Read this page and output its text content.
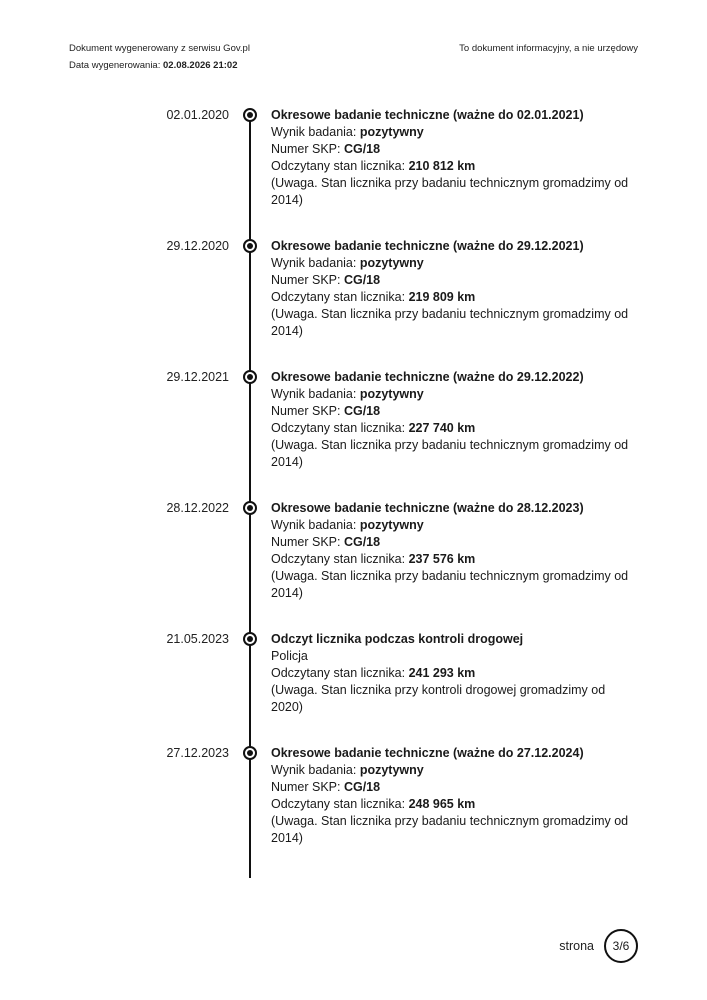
Dokument wygenerowany z serwisu Gov.pl
Data wygenerowania: 02.08.2026 21:02
To dokument informacyjny, a nie urzędowy
02.01.2020	Okresowe badanie techniczne (ważne do 02.01.2021)
Wynik badania: pozytywny
Numer SKP: CG/18
Odczytany stan licznika: 210 812 km
(Uwaga. Stan licznika przy badaniu technicznym gromadzimy od 2014)
29.12.2020	Okresowe badanie techniczne (ważne do 29.12.2021)
Wynik badania: pozytywny
Numer SKP: CG/18
Odczytany stan licznika: 219 809 km
(Uwaga. Stan licznika przy badaniu technicznym gromadzimy od 2014)
29.12.2021	Okresowe badanie techniczne (ważne do 29.12.2022)
Wynik badania: pozytywny
Numer SKP: CG/18
Odczytany stan licznika: 227 740 km
(Uwaga. Stan licznika przy badaniu technicznym gromadzimy od 2014)
28.12.2022	Okresowe badanie techniczne (ważne do 28.12.2023)
Wynik badania: pozytywny
Numer SKP: CG/18
Odczytany stan licznika: 237 576 km
(Uwaga. Stan licznika przy badaniu technicznym gromadzimy od 2014)
21.05.2023	Odczyt licznika podczas kontroli drogowej
Policja
Odczytany stan licznika: 241 293 km
(Uwaga. Stan licznika przy kontroli drogowej gromadzimy od 2020)
27.12.2023	Okresowe badanie techniczne (ważne do 27.12.2024)
Wynik badania: pozytywny
Numer SKP: CG/18
Odczytany stan licznika: 248 965 km
(Uwaga. Stan licznika przy badaniu technicznym gromadzimy od 2014)
strona 3/6
